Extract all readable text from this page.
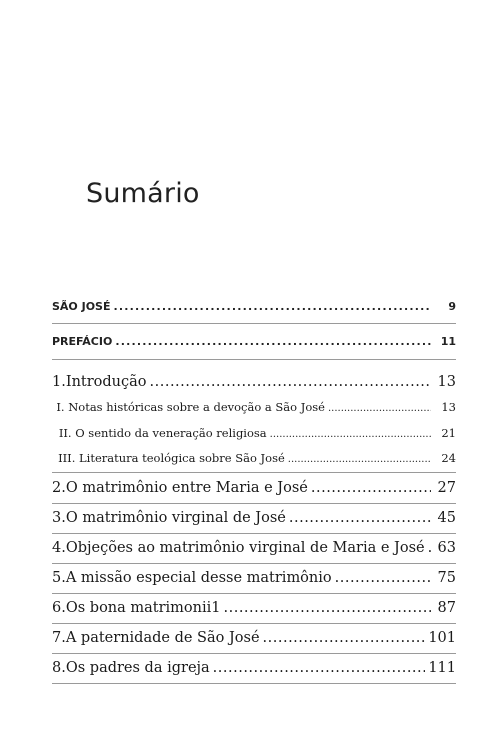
Sumário
SÃO JOSÉ .....	9
PREFÁCIO .....	11
1. Introdução .....	13
I. Notas históricas sobre a devoção a São José .....	13
II. O sentido da veneração religiosa .....	21
III. Literatura teológica sobre São José .....	24
2. O matrimônio entre Maria e José .....	27
3. O matrimônio virginal de José .....	45
4. Objeções ao matrimônio virginal de Maria e José ..... 63
5. A missão especial desse matrimônio .....	75
6. Os bona matrimonii1 .....	87
7. A paternidade de São José .....	101
8. Os padres da igreja .....	111
